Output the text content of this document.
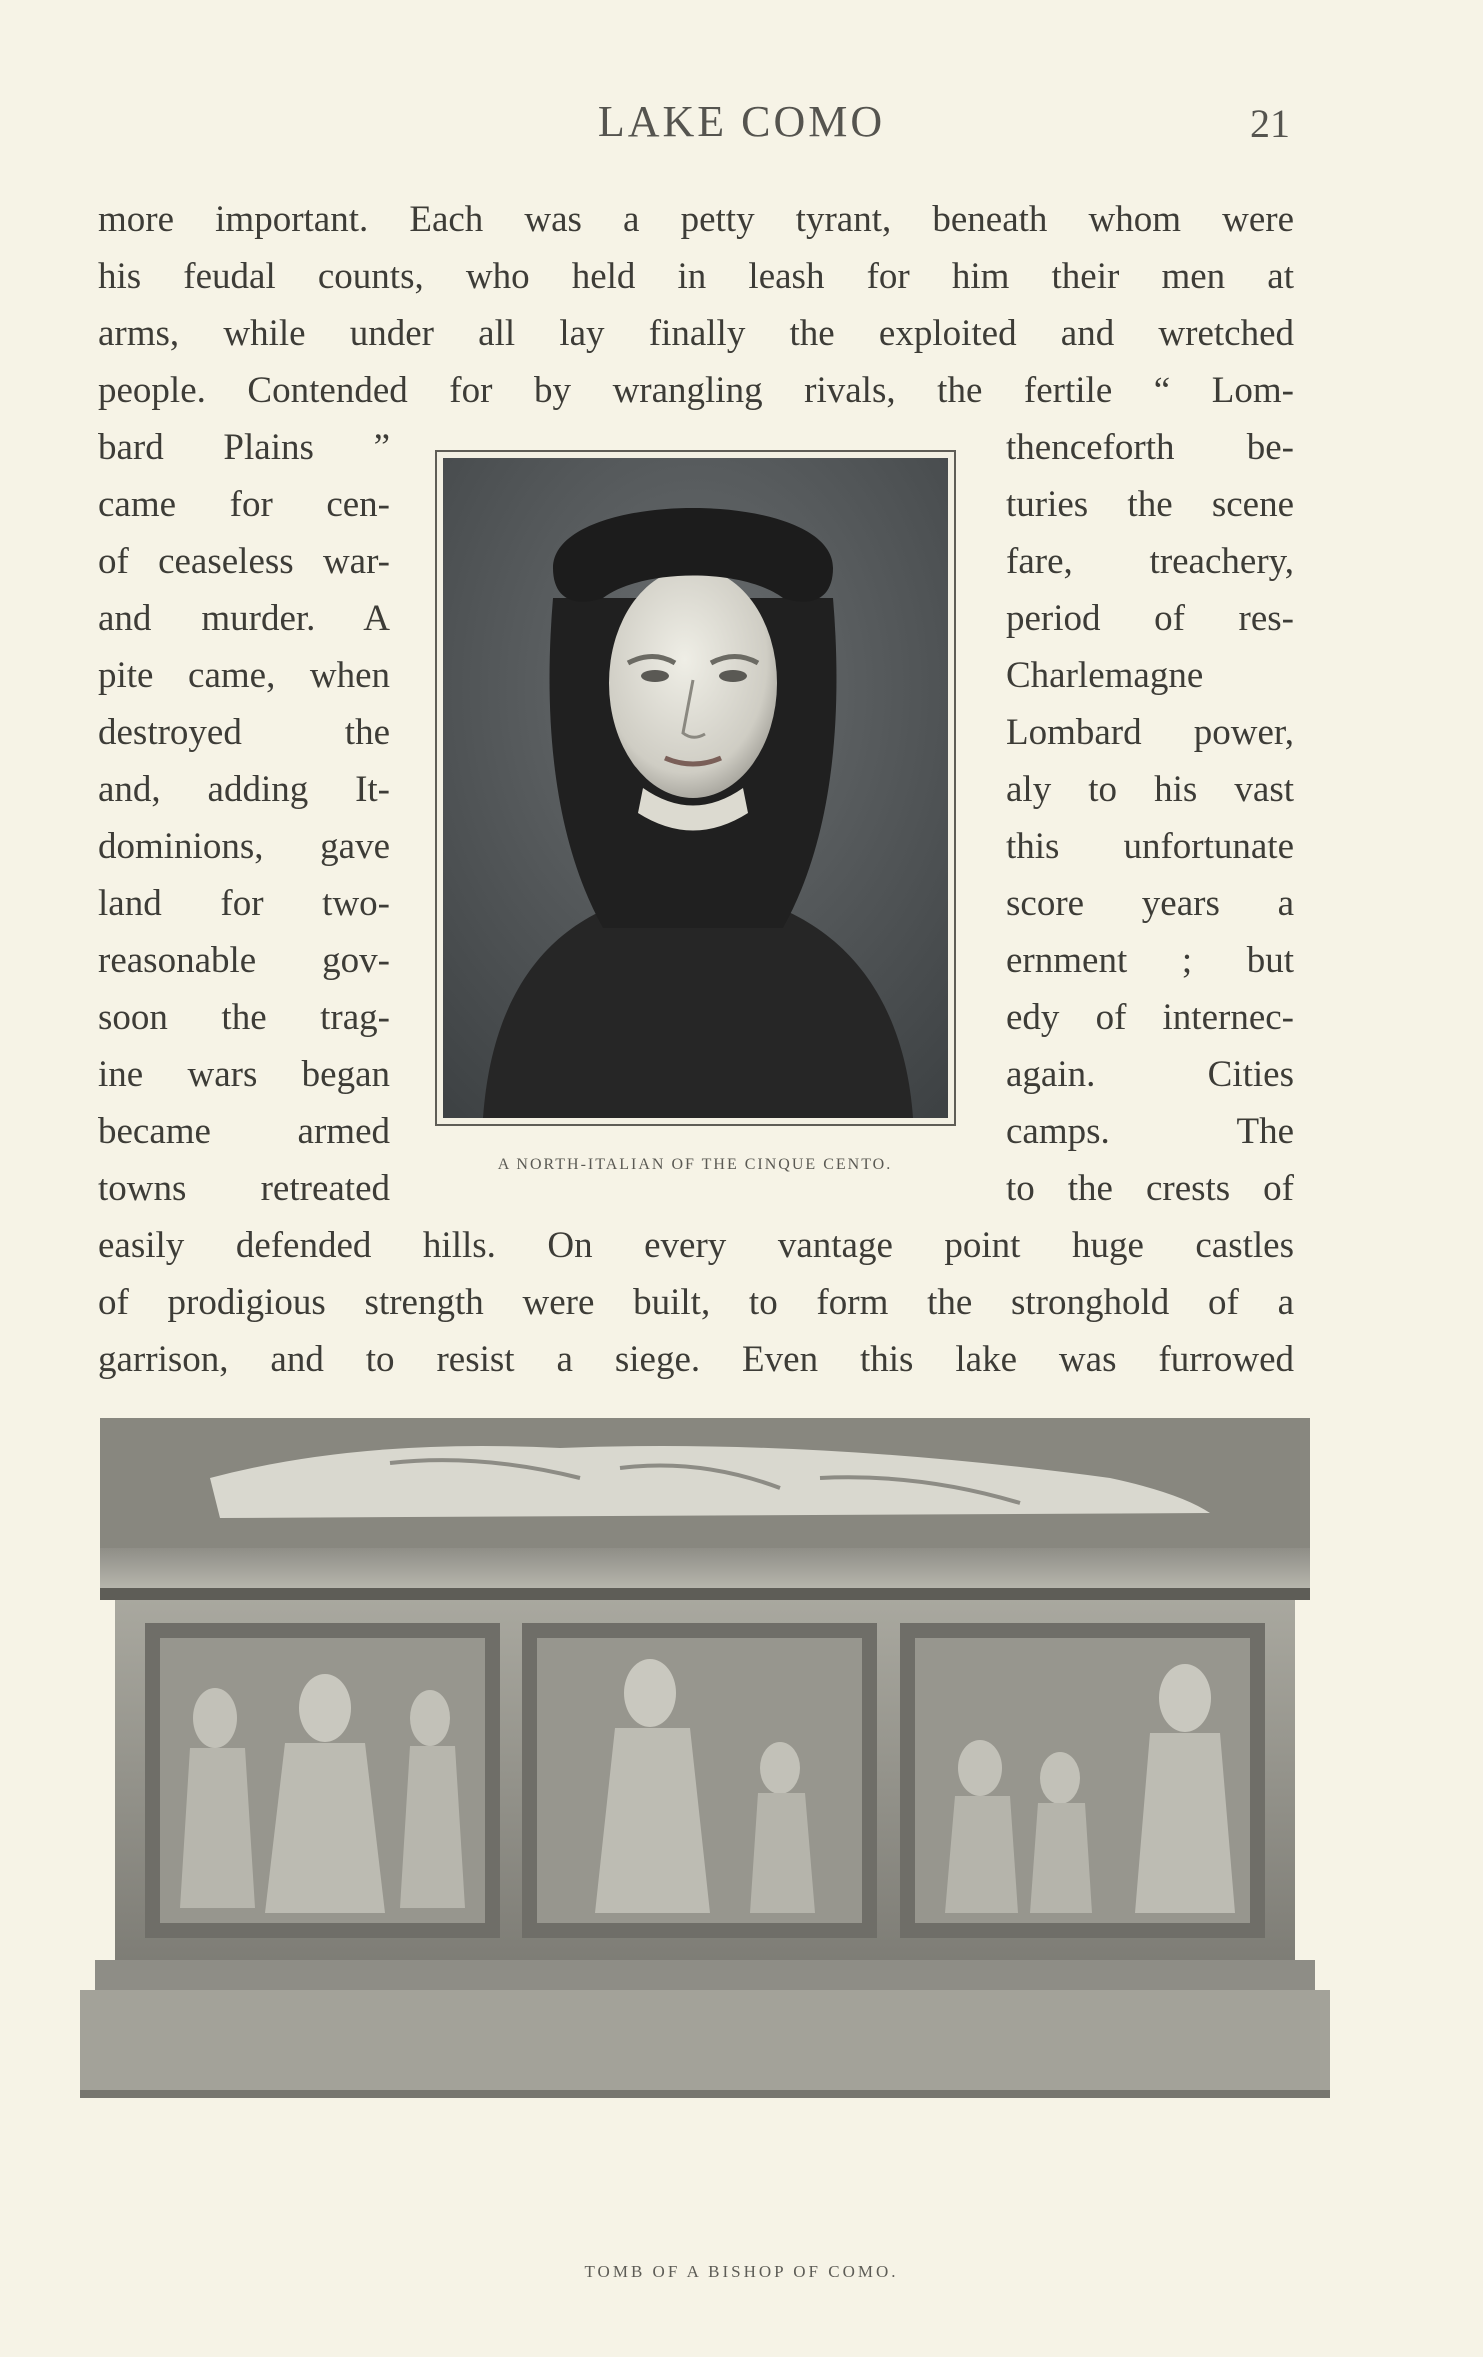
LAKE COMO	21
more important. Each was a petty tyrant, beneath whom were
his feudal counts, who held in leash for him their men at
arms, while under all lay finally the exploited and wretched
people. Contended for by wrangling rivals, the fertile “ Lom-
bard Plains ”
came for cen-
of ceaseless war-
and murder. A
pite came, when
destroyed the
and, adding It-
dominions, gave
land for two-
reasonable gov-
soon the trag-
ine wars began
became armed
towns retreated
thenceforth be-
turies the scene
fare, treachery,
period of res-
Charlemagne
Lombard power,
aly to his vast
this unfortunate
score years a
ernment ; but
edy of internec-
again. Cities
camps. The
to the crests of
easily defended hills. On every vantage point huge castles
of prodigious strength were built, to form the stronghold of a
garrison, and to resist a siege. Even this lake was furrowed
A NORTH-ITALIAN OF THE CINQUE CENTO.
TOMB OF A BISHOP OF COMO.
